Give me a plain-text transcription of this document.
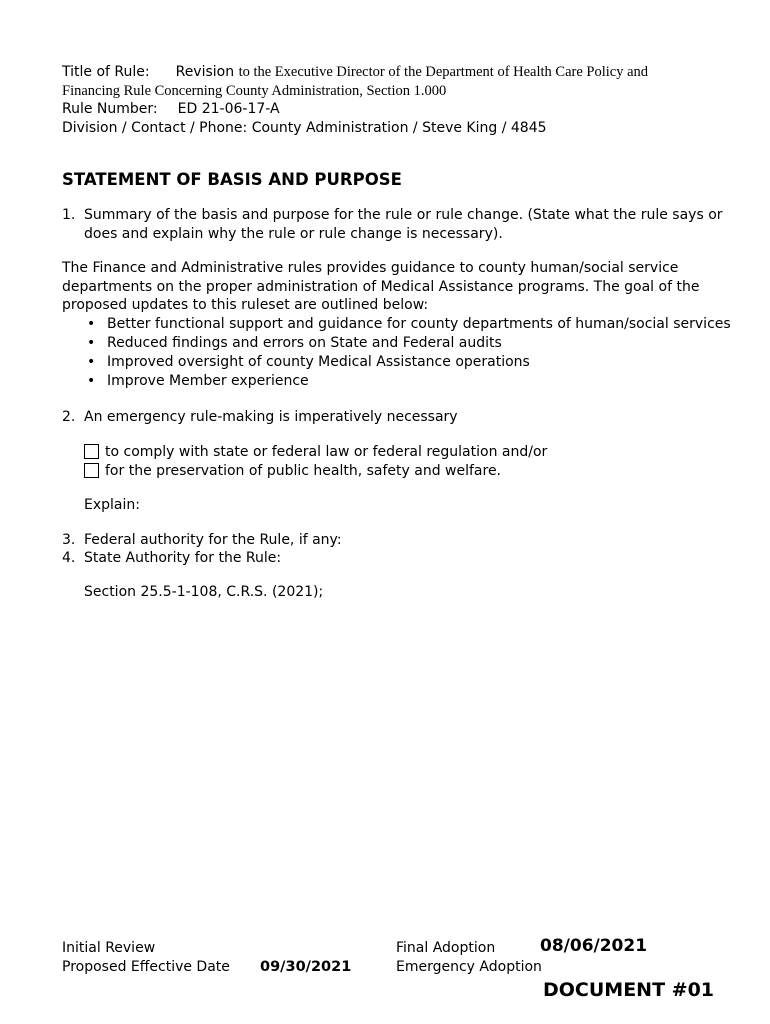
Title of Rule: Revision to the Executive Director of the Department of Health Care Policy and
Financing Rule Concerning County Administration, Section 1.000
Rule Number: ED 21-06-17-A
Division / Contact / Phone: County Administration / Steve King / 4845
STATEMENT OF BASIS AND PURPOSE
1. Summary of the basis and purpose for the rule or rule change. (State what the rule says or
does and explain why the rule or rule change is necessary).
The Finance and Administrative rules provides guidance to county human/social service
departments on the proper administration of Medical Assistance programs. The goal of the
proposed updates to this ruleset are outlined below:
• Better functional support and guidance for county departments of human/social services
• Reduced findings and errors on State and Federal audits
• Improved oversight of county Medical Assistance operations
• Improve Member experience
2. An emergency rule-making is imperatively necessary
to comply with state or federal law or federal regulation and/or
for the preservation of public health, safety and welfare.
Explain:
3. Federal authority for the Rule, if any:
4. State Authority for the Rule:
Section 25.5-1-108, C.R.S. (2021);
Initial Review
Proposed Effective Date 09/30/2021
Final Adoption	08/06/2021
Emergency Adoption
DOCUMENT #01
